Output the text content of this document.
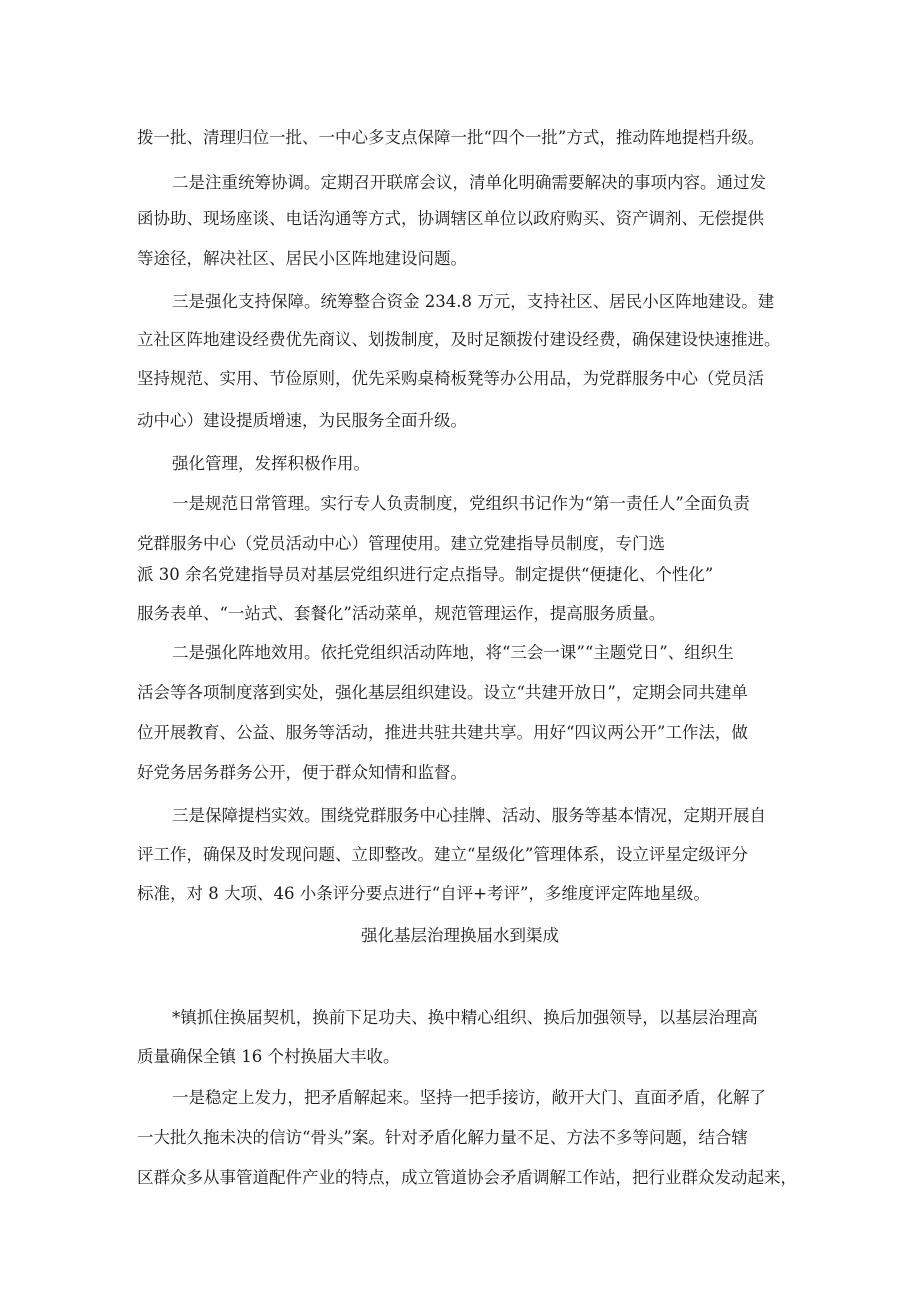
拨一批、清理归位一批、一中心多支点保障一批“四个一批”方式，推动阵地提档升级。
二是注重统筹协调。定期召开联席会议，清单化明确需要解决的事项内容。通过发
函协助、现场座谈、电话沟通等方式，协调辖区单位以政府购买、资产调剂、无偿提供
等途径，解决社区、居民小区阵地建设问题。
三是强化支持保障。统筹整合资金 234.8 万元，支持社区、居民小区阵地建设。建
立社区阵地建设经费优先商议、划拨制度，及时足额拨付建设经费，确保建设快速推进。
坚持规范、实用、节俭原则，优先采购桌椅板凳等办公用品，为党群服务中心（党员活
动中心）建设提质增速，为民服务全面升级。
强化管理，发挥积极作用。
一是规范日常管理。实行专人负责制度，党组织书记作为“第一责任人”全面负责
党群服务中心（党员活动中心）管理使用。建立党建指导员制度，专门选
派 30 余名党建指导员对基层党组织进行定点指导。制定提供“便捷化、个性化”
服务表单、“一站式、套餐化”活动菜单，规范管理运作，提高服务质量。
二是强化阵地效用。依托党组织活动阵地，将“三会一课”“主题党日”、组织生
活会等各项制度落到实处，强化基层组织建设。设立“共建开放日”，定期会同共建单
位开展教育、公益、服务等活动，推进共驻共建共享。用好“四议两公开”工作法，做
好党务居务群务公开，便于群众知情和监督。
三是保障提档实效。围绕党群服务中心挂牌、活动、服务等基本情况，定期开展自
评工作，确保及时发现问题、立即整改。建立“星级化”管理体系，设立评星定级评分
标准，对 8 大项、46 小条评分要点进行“自评+考评”，多维度评定阵地星级。
强化基层治理换届水到渠成
*镇抓住换届契机，换前下足功夫、换中精心组织、换后加强领导，以基层治理高
质量确保全镇 16 个村换届大丰收。
一是稳定上发力，把矛盾解起来。坚持一把手接访，敞开大门、直面矛盾，化解了
一大批久拖未决的信访“骨头”案。针对矛盾化解力量不足、方法不多等问题，结合辖
区群众多从事管道配件产业的特点，成立管道协会矛盾调解工作站，把行业群众发动起来，
